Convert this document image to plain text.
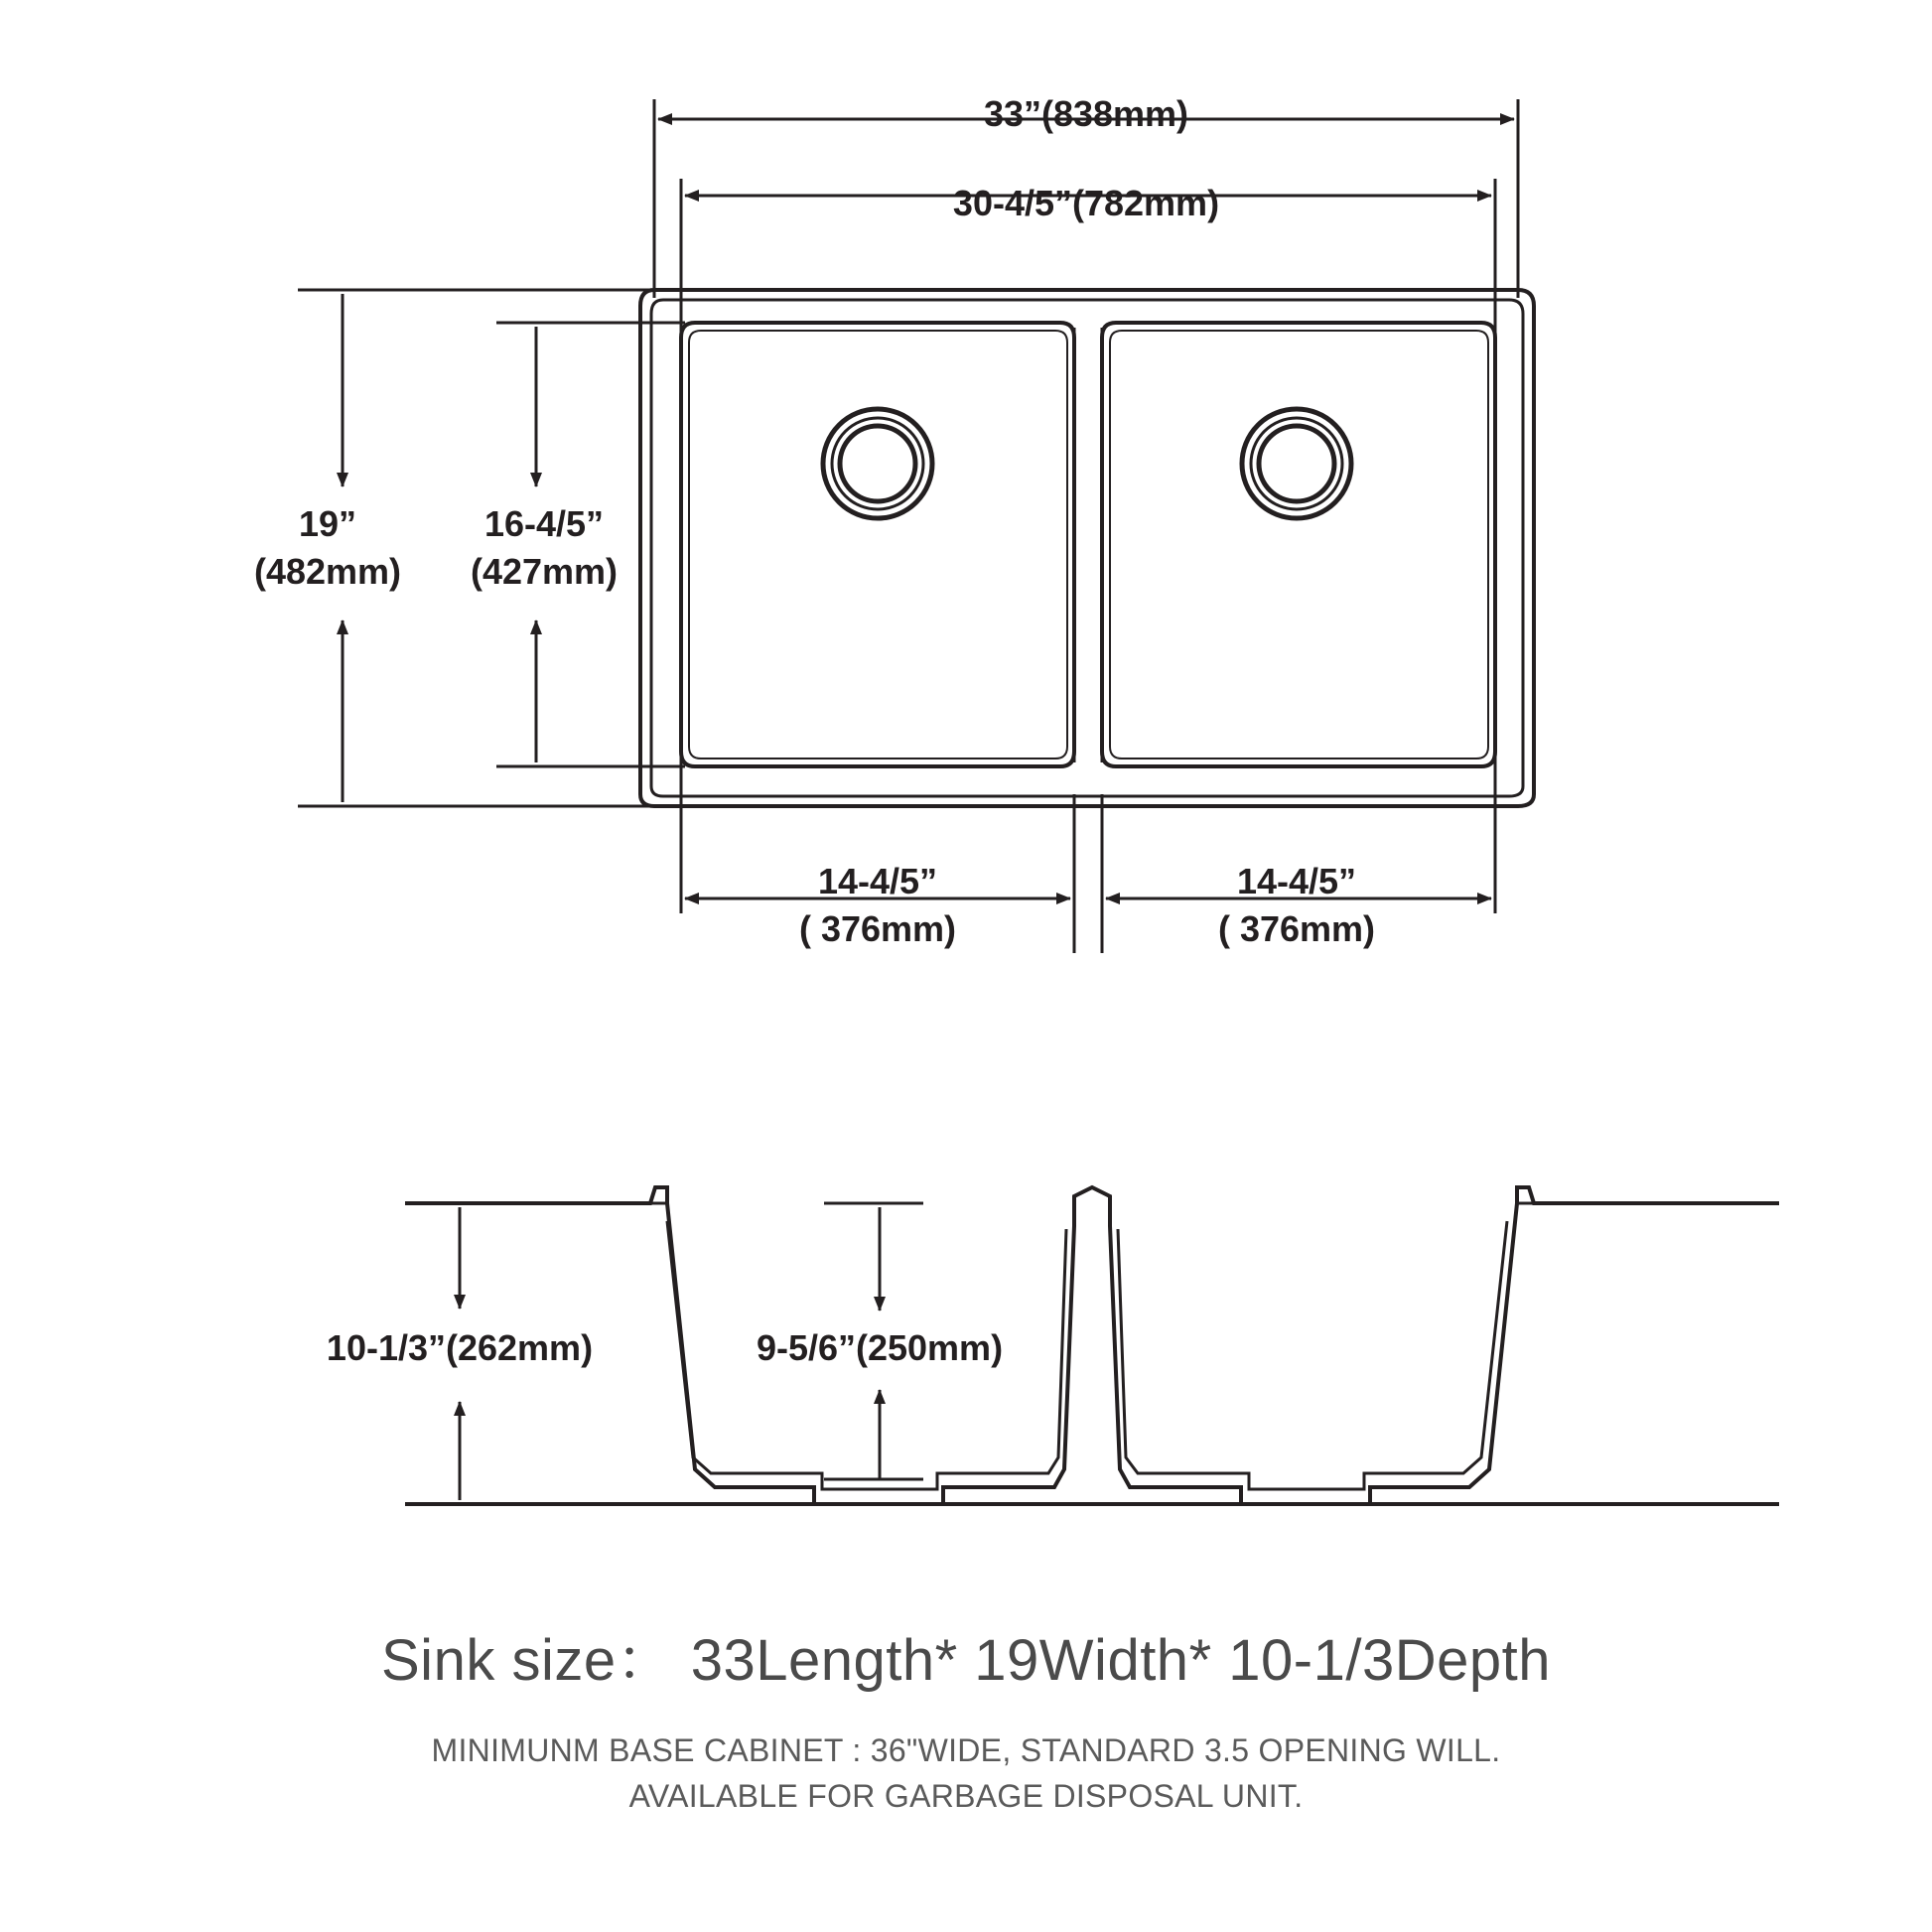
33”(838mm)
30-4/5”(782mm)
19”
(482mm)
16-4/5”
(427mm)
14-4/5”
( 376mm)
14-4/5”
( 376mm)
10-1/3”(262mm)	9-5/6”(250mm)
Sink size： 33Length* 19Width* 10-1/3Depth
MINIMUNM BASE CABINET : 36"WIDE, STANDARD 3.5 OPENING WILL.
AVAILABLE FOR GARBAGE DISPOSAL UNIT.
